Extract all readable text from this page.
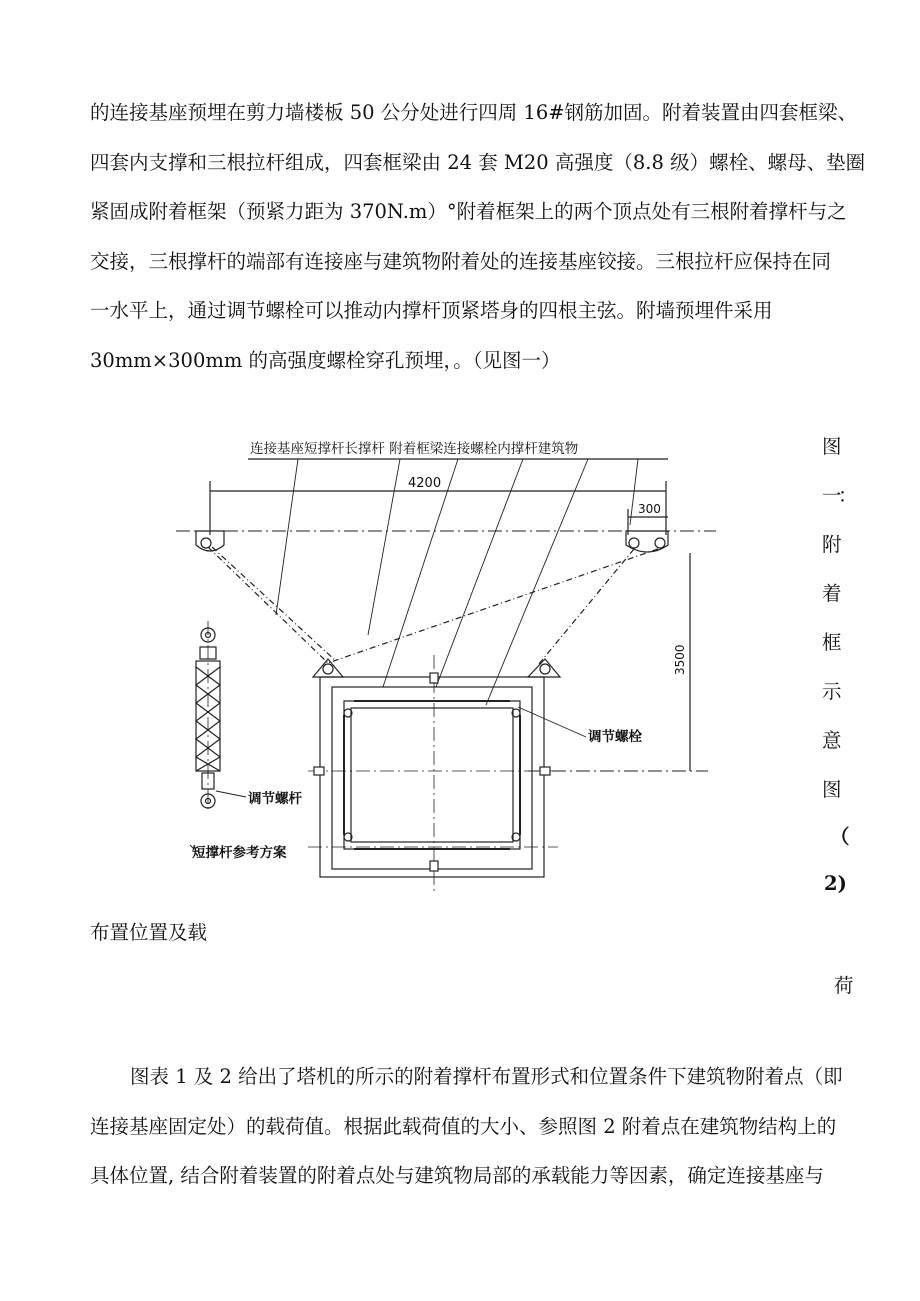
的连接基座预埋在剪力墙楼板 50 公分处进行四周 16#钢筋加固。附着装置由四套框梁、
四套内支撑和三根拉杆组成，四套框梁由 24 套 M20 高强度（8.8 级）螺栓、螺母、垫圈
紧固成附着框架（预紧力距为 370N.m）°附着框架上的两个顶点处有三根附着撑杆与之
交接，三根撑杆的端部有连接座与建筑物附着处的连接基座铰接。三根拉杆应保持在同
一水平上，通过调节螺栓可以推动内撑杆顶紧塔身的四根主弦。附墙预埋件采用
30mm×300mm 的高强度螺栓穿孔预埋，。（见图一）
连接基座短撑杆长撑杆 附着框梁连接螺栓内撑杆建筑物
4200
300
3500
调节螺栓
调节螺杆
短撑杆参考方案
图
一
：
附
着
框
示
意
图
（
2)
布置位置及载
荷
图表 1 及 2 给出了塔机的所示的附着撑杆布置形式和位置条件下建筑物附着点（即
连接基座固定处）的载荷值。根据此载荷值的大小、参照图 2 附着点在建筑物结构上的
具体位置, 结合附着装置的附着点处与建筑物局部的承载能力等因素，确定连接基座与
